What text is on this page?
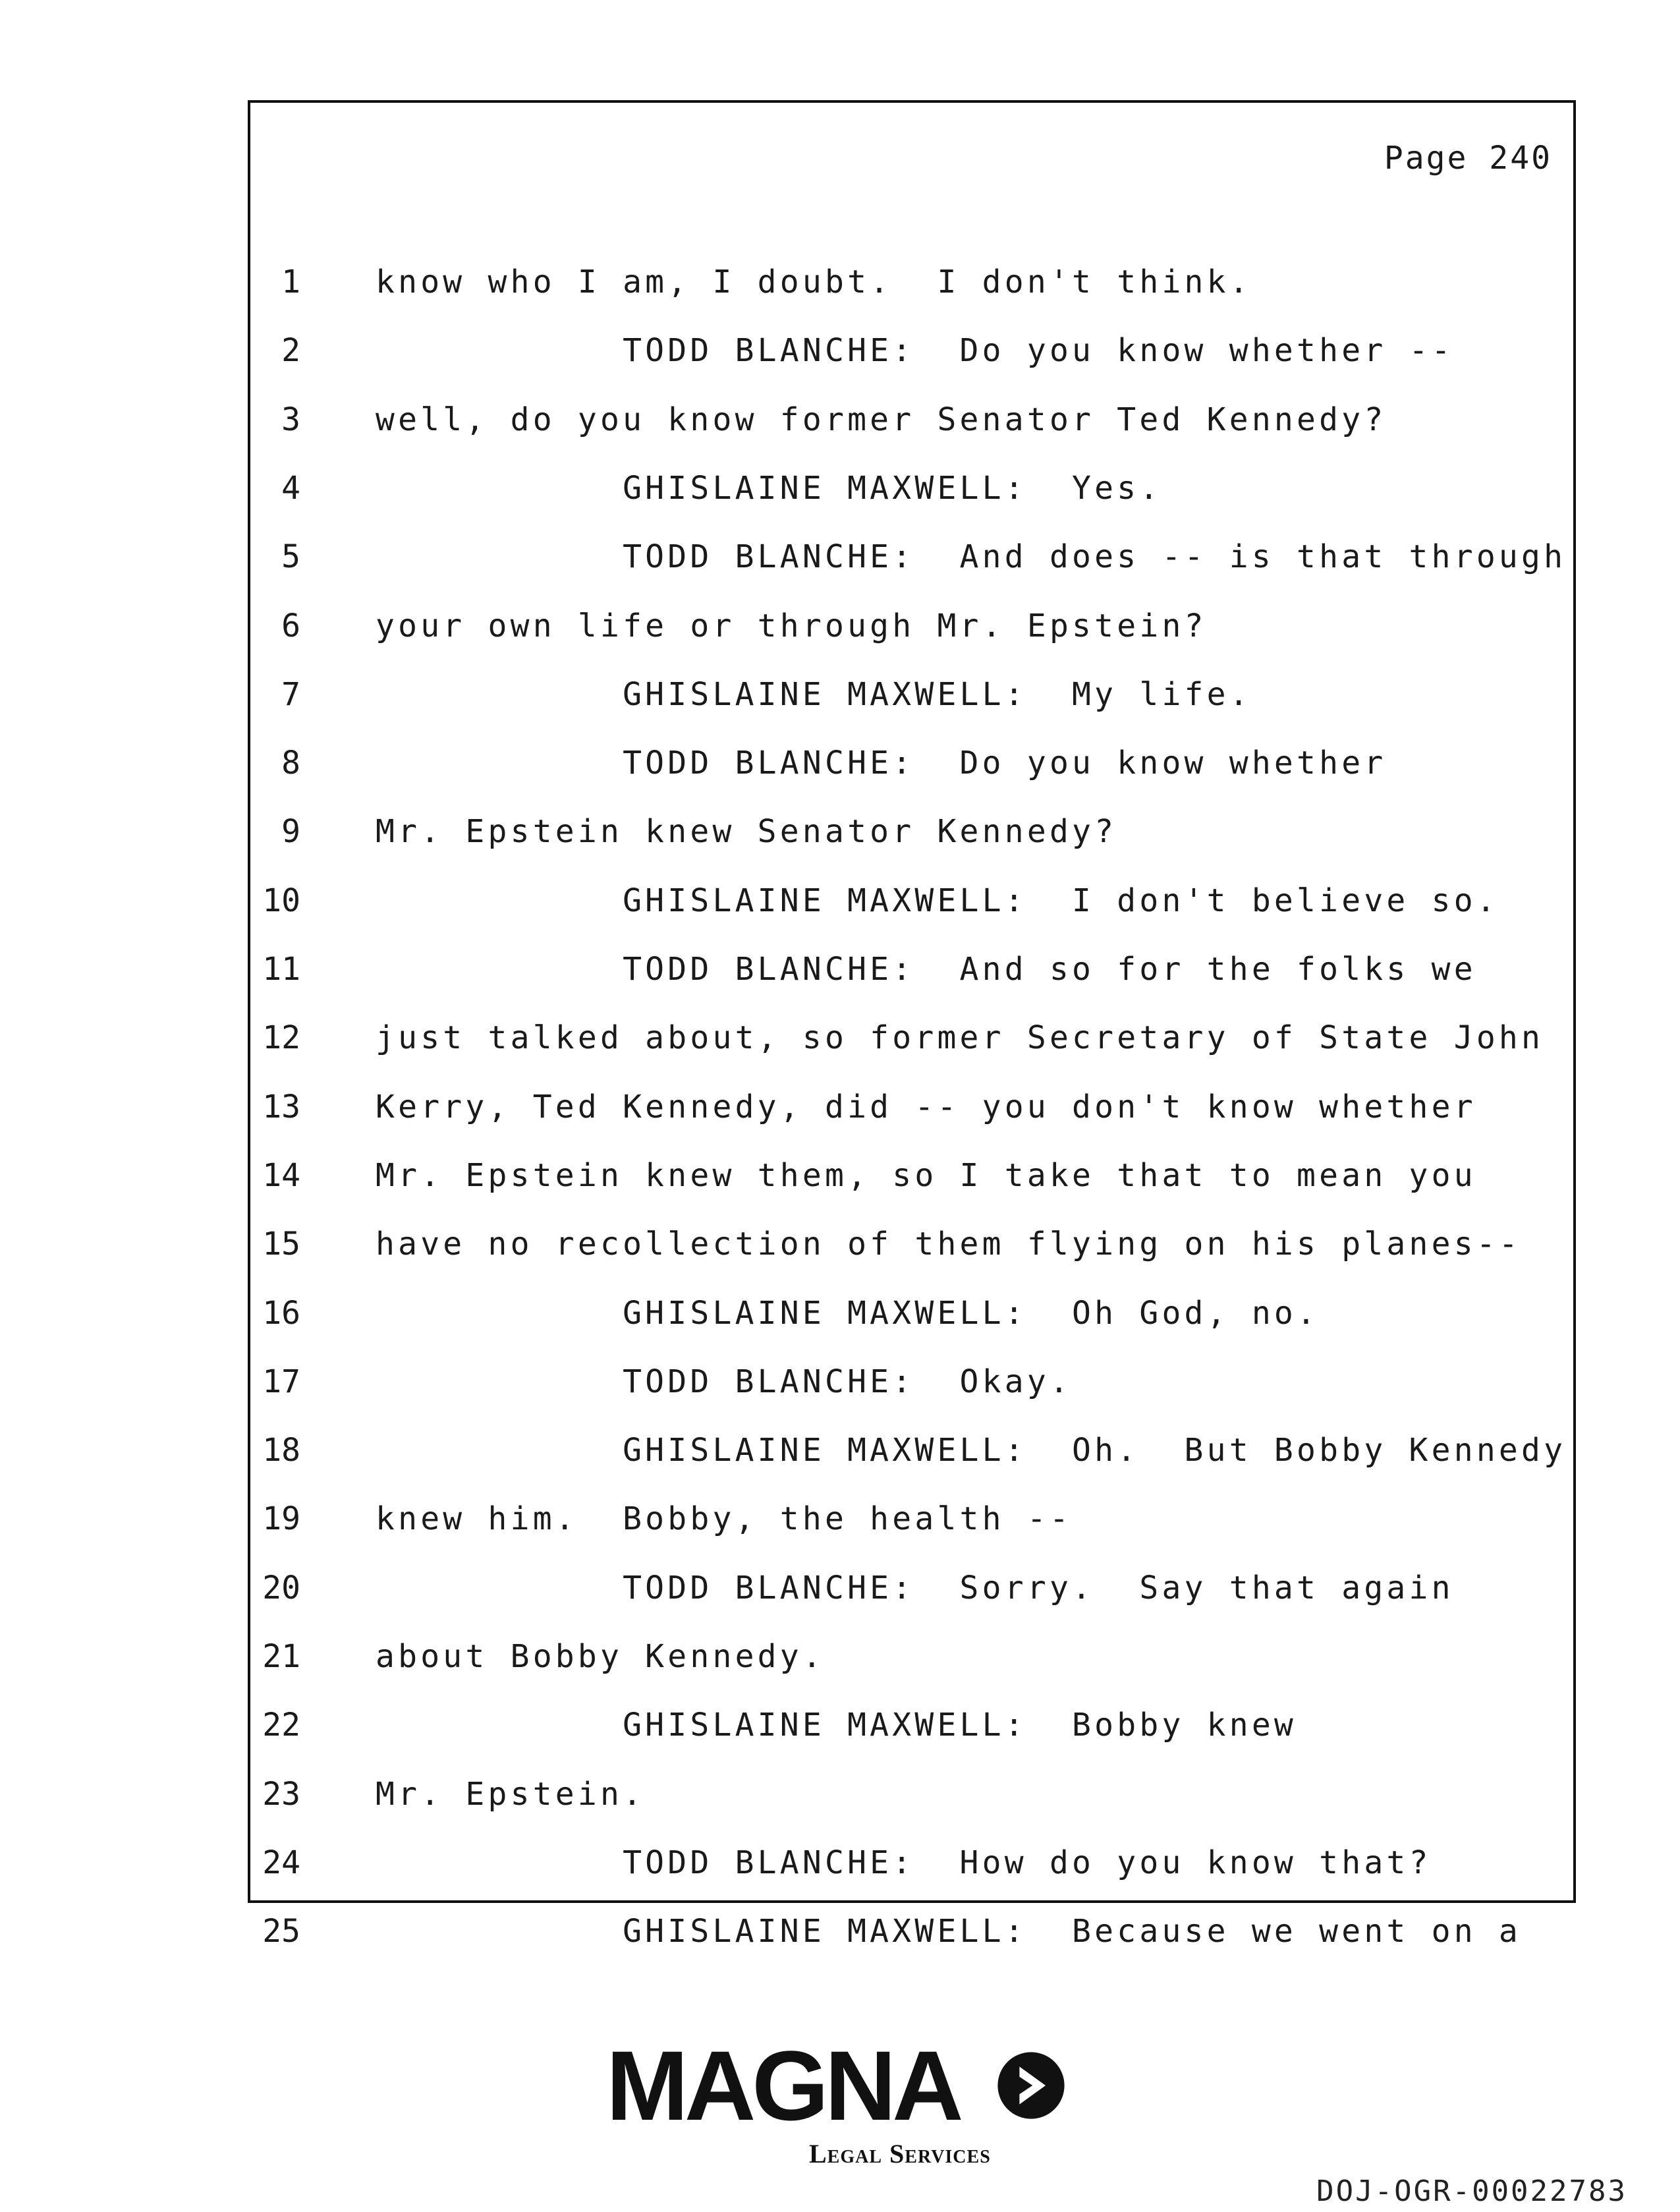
Page 240
1 know who I am, I doubt.  I don't think.
2 TODD BLANCHE:  Do you know whether --
3 well, do you know former Senator Ted Kennedy?
4 GHISLAINE MAXWELL:  Yes.
5 TODD BLANCHE:  And does -- is that through
6 your own life or through Mr. Epstein?
7 GHISLAINE MAXWELL:  My life.
8 TODD BLANCHE:  Do you know whether
9 Mr. Epstein knew Senator Kennedy?
10 GHISLAINE MAXWELL:  I don't believe so.
11 TODD BLANCHE:  And so for the folks we
12 just talked about, so former Secretary of State John
13 Kerry, Ted Kennedy, did -- you don't know whether
14 Mr. Epstein knew them, so I take that to mean you
15 have no recollection of them flying on his planes--
16 GHISLAINE MAXWELL:  Oh God, no.
17 TODD BLANCHE:  Okay.
18 GHISLAINE MAXWELL:  Oh.  But Bobby Kennedy
19 knew him.  Bobby, the health --
20 TODD BLANCHE:  Sorry.  Say that again
21 about Bobby Kennedy.
22 GHISLAINE MAXWELL:  Bobby knew
23 Mr. Epstein.
24 TODD BLANCHE:  How do you know that?
25 GHISLAINE MAXWELL:  Because we went on a
MAGNA
Legal Services
DOJ-OGR-00022783
